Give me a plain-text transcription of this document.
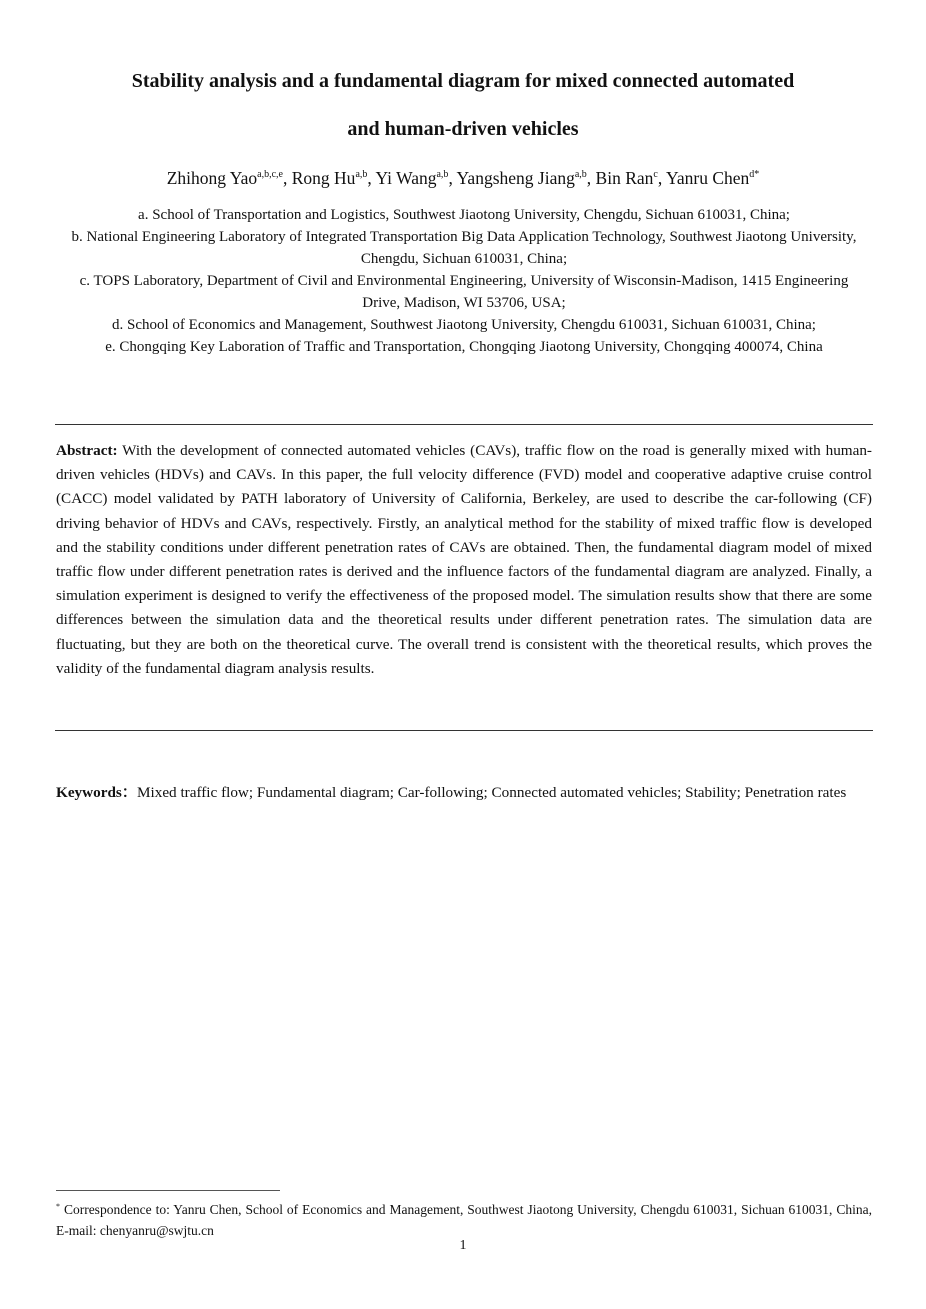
Stability analysis and a fundamental diagram for mixed connected automated
and human-driven vehicles
Zhihong Yao$^{a,b,c,e}$, Rong Hu$^{a,b}$, Yi Wang$^{a,b}$, Yangsheng Jiang$^{a,b}$, Bin Ran$^c$, Yanru Chen$^{d*}$
a. School of Transportation and Logistics, Southwest Jiaotong University, Chengdu, Sichuan 610031, China;
b. National Engineering Laboratory of Integrated Transportation Big Data Application Technology, Southwest Jiaotong University, Chengdu, Sichuan 610031, China;
c. TOPS Laboratory, Department of Civil and Environmental Engineering, University of Wisconsin-Madison, 1415 Engineering Drive, Madison, WI 53706, USA;
d. School of Economics and Management, Southwest Jiaotong University, Chengdu 610031, Sichuan 610031, China;
e. Chongqing Key Laboration of Traffic and Transportation, Chongqing Jiaotong University, Chongqing 400074, China
Abstract: With the development of connected automated vehicles (CAVs), traffic flow on the road is generally mixed with human-driven vehicles (HDVs) and CAVs. In this paper, the full velocity difference (FVD) model and cooperative adaptive cruise control (CACC) model validated by PATH laboratory of University of California, Berkeley, are used to describe the car-following (CF) driving behavior of HDVs and CAVs, respectively. Firstly, an analytical method for the stability of mixed traffic flow is developed and the stability conditions under different penetration rates of CAVs are obtained. Then, the fundamental diagram model of mixed traffic flow under different penetration rates is derived and the influence factors of the fundamental diagram are analyzed. Finally, a simulation experiment is designed to verify the effectiveness of the proposed model. The simulation results show that there are some differences between the simulation data and the theoretical results under different penetration rates. The simulation data are fluctuating, but they are both on the theoretical curve. The overall trend is consistent with the theoretical results, which proves the validity of the fundamental diagram analysis results.
Keywords：Mixed traffic flow; Fundamental diagram; Car-following; Connected automated vehicles; Stability; Penetration rates
* Correspondence to: Yanru Chen, School of Economics and Management, Southwest Jiaotong University, Chengdu 610031, Sichuan 610031, China, E-mail: chenyanru@swjtu.cn
1
